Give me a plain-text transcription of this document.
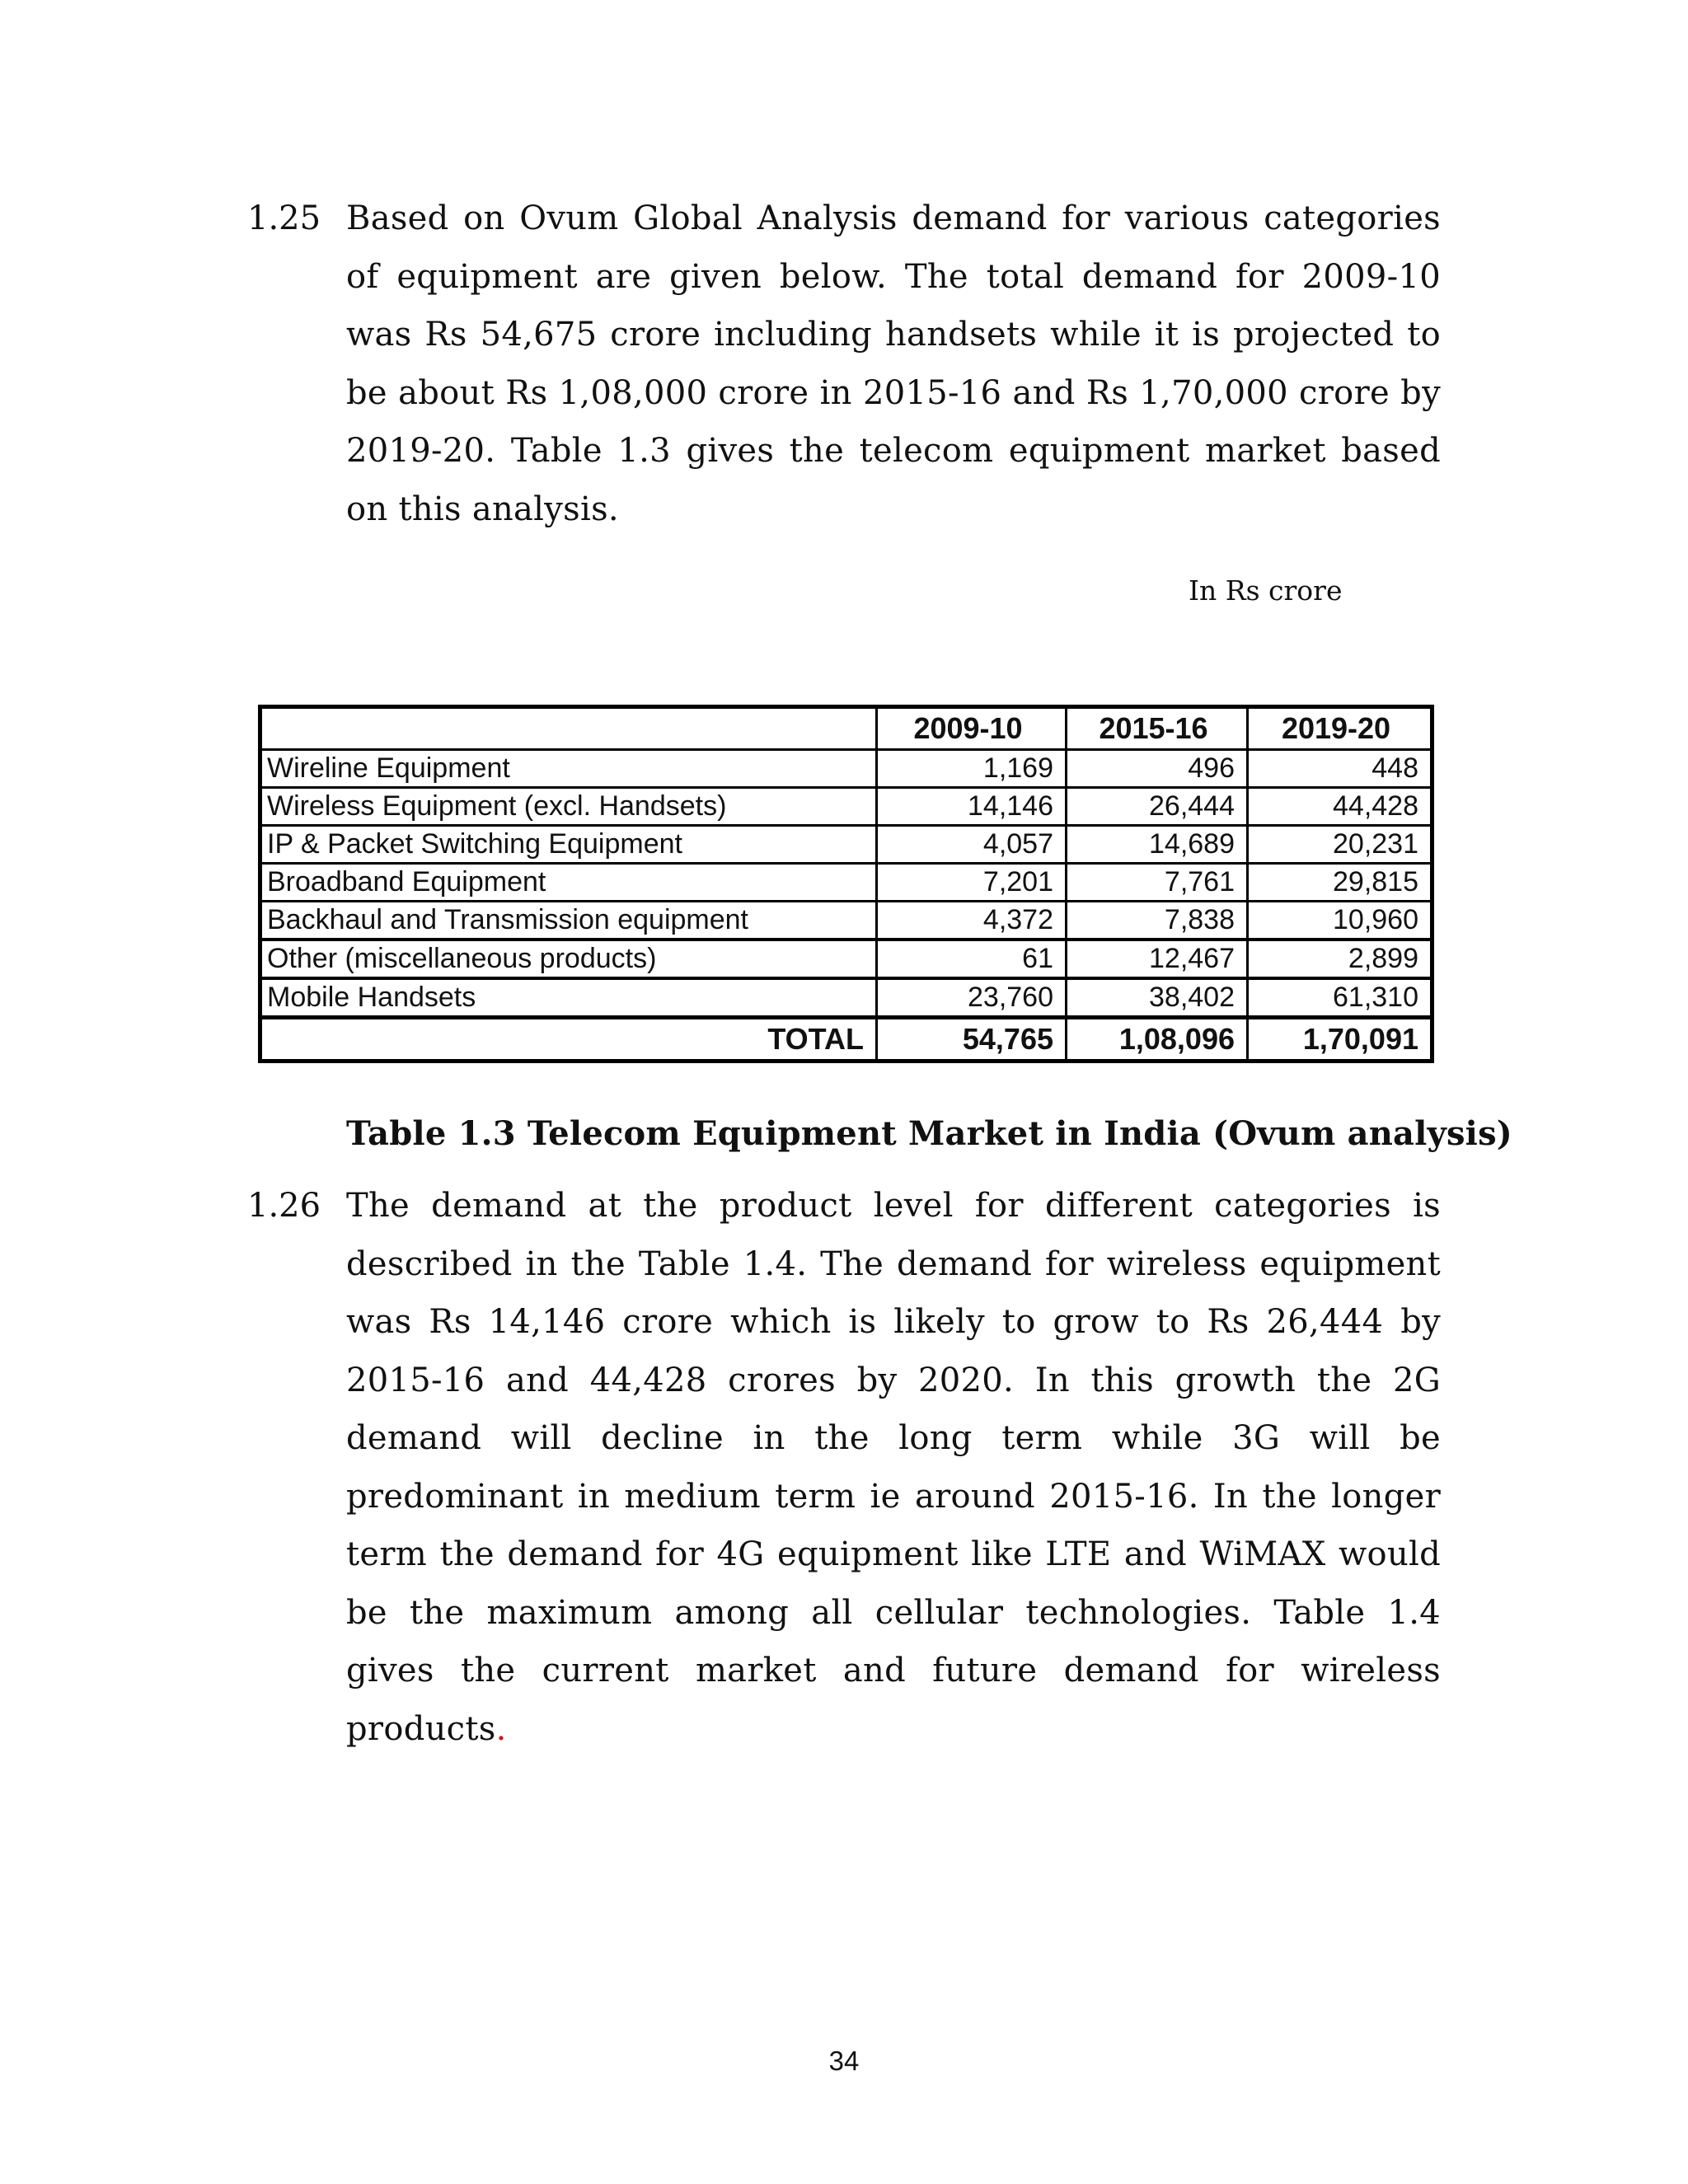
1.25 Based on Ovum Global Analysis demand for various categories of equipment are given below. The total demand for 2009-10 was Rs 54,675 crore including handsets while it is projected to be about Rs 1,08,000 crore in 2015-16 and Rs 1,70,000 crore by 2019-20. Table 1.3 gives the telecom equipment market based on this analysis.
In Rs crore
	2009-10	2015-16	2019-20
Wireline Equipment	1,169	496	448
Wireless Equipment (excl. Handsets)	14,146	26,444	44,428
IP & Packet Switching Equipment	4,057	14,689	20,231
Broadband Equipment	7,201	7,761	29,815
Backhaul and Transmission equipment	4,372	7,838	10,960
Other (miscellaneous products)	61	12,467	2,899
Mobile Handsets	23,760	38,402	61,310
TOTAL	54,765	1,08,096	1,70,091
Table 1.3 Telecom Equipment Market in India (Ovum analysis)
1.26 The demand at the product level for different categories is described in the Table 1.4. The demand for wireless equipment was Rs 14,146 crore which is likely to grow to Rs 26,444 by 2015-16 and 44,428 crores by 2020. In this growth the 2G demand will decline in the long term while 3G will be predominant in medium term ie around 2015-16. In the longer term the demand for 4G equipment like LTE and WiMAX would be the maximum among all cellular technologies. Table 1.4 gives the current market and future demand for wireless products.
34
